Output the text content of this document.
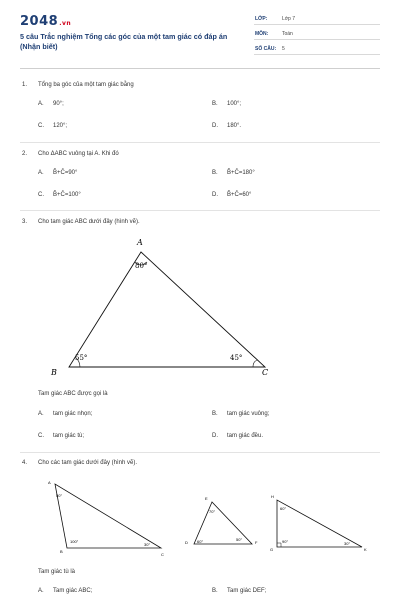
2048.vn
5 câu Trắc nghiệm Tổng các góc của một tam giác có đáp án (Nhận biết)
LỚP:	Lớp 7
MÔN:	Toán
SỐ CÂU: 5
1. Tổng ba góc của một tam giác bằng
A. 90°;	B. 100°;
C. 120°;	D. 180°.
2. Cho ΔABC vuông tại A. Khi đó
A. B̂+Ĉ=90°	B. B̂+Ĉ=180°
C. B̂+Ĉ=100°	D. B̂+Ĉ=60°
3. Cho tam giác ABC dưới đây (hình vẽ).
A
B	C
80°
55°	45°
Tam giác ABC được gọi là
A. tam giác nhọn;	B. tam giác vuông;
C. tam giác tù;	D. tam giác đều.
4. Cho các tam giác dưới đây (hình vẽ).
A
B
C
50°
100°
30°
E
D	F
70°
60°	50°
H
G	K
60°
90°	30°
Tam giác tù là
A. Tam giác ABC;	B. Tam giác DEF;
